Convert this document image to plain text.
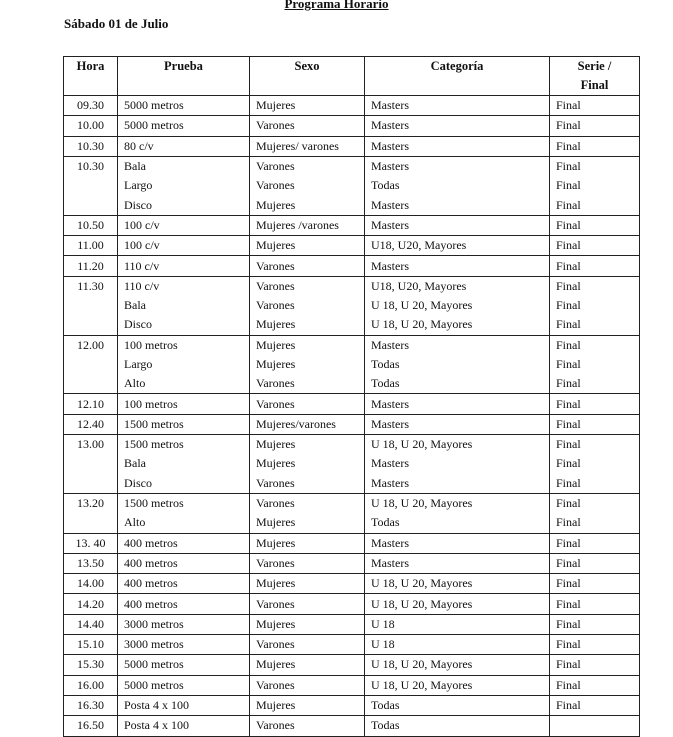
Programa Horario
Sábado 01 de Julio
Hora	Prueba	Sexo	Categoría	Serie /
Final

09.30	5000 metros	Mujeres	Masters	Final
10.00	5000 metros	Varones	Masters	Final
10.30	80 c/v	Mujeres/ varones	Masters	Final
10.30	Bala	Varones	Masters	Final
	Largo	Varones	Todas	Final
	Disco	Mujeres	Masters	Final
10.50	100 c/v	Mujeres /varones	Masters	Final
11.00	100 c/v	Mujeres	U18, U20, Mayores	Final
11.20	110 c/v	Varones	Masters	Final
11.30	110 c/v	Varones	U18, U20, Mayores	Final
	Bala	Varones	U 18, U 20, Mayores	Final
	Disco	Mujeres	U 18, U 20, Mayores	Final
12.00	100 metros	Mujeres	Masters	Final
	Largo	Mujeres	Todas	Final
	Alto	Varones	Todas	Final
12.10	100 metros	Varones	Masters	Final
12.40	1500 metros	Mujeres/varones	Masters	Final
13.00	1500 metros	Mujeres	U 18, U 20, Mayores	Final
	Bala	Mujeres	Masters	Final
	Disco	Varones	Masters	Final
13.20	1500 metros	Varones	U 18, U 20, Mayores	Final
	Alto	Mujeres	Todas	Final
13. 40	400 metros	Mujeres	Masters	Final
13.50	400 metros	Varones	Masters	Final
14.00	400 metros	Mujeres	U 18, U 20, Mayores	Final
14.20	400 metros	Varones	U 18, U 20, Mayores	Final
14.40	3000 metros	Mujeres	U 18	Final
15.10	3000 metros	Varones	U 18	Final
15.30	5000 metros	Mujeres	U 18, U 20, Mayores	Final
16.00	5000 metros	Varones	U 18, U 20, Mayores	Final
16.30	Posta 4 x 100	Mujeres	Todas	Final
16.50	Posta 4 x 100	Varones	Todas	
